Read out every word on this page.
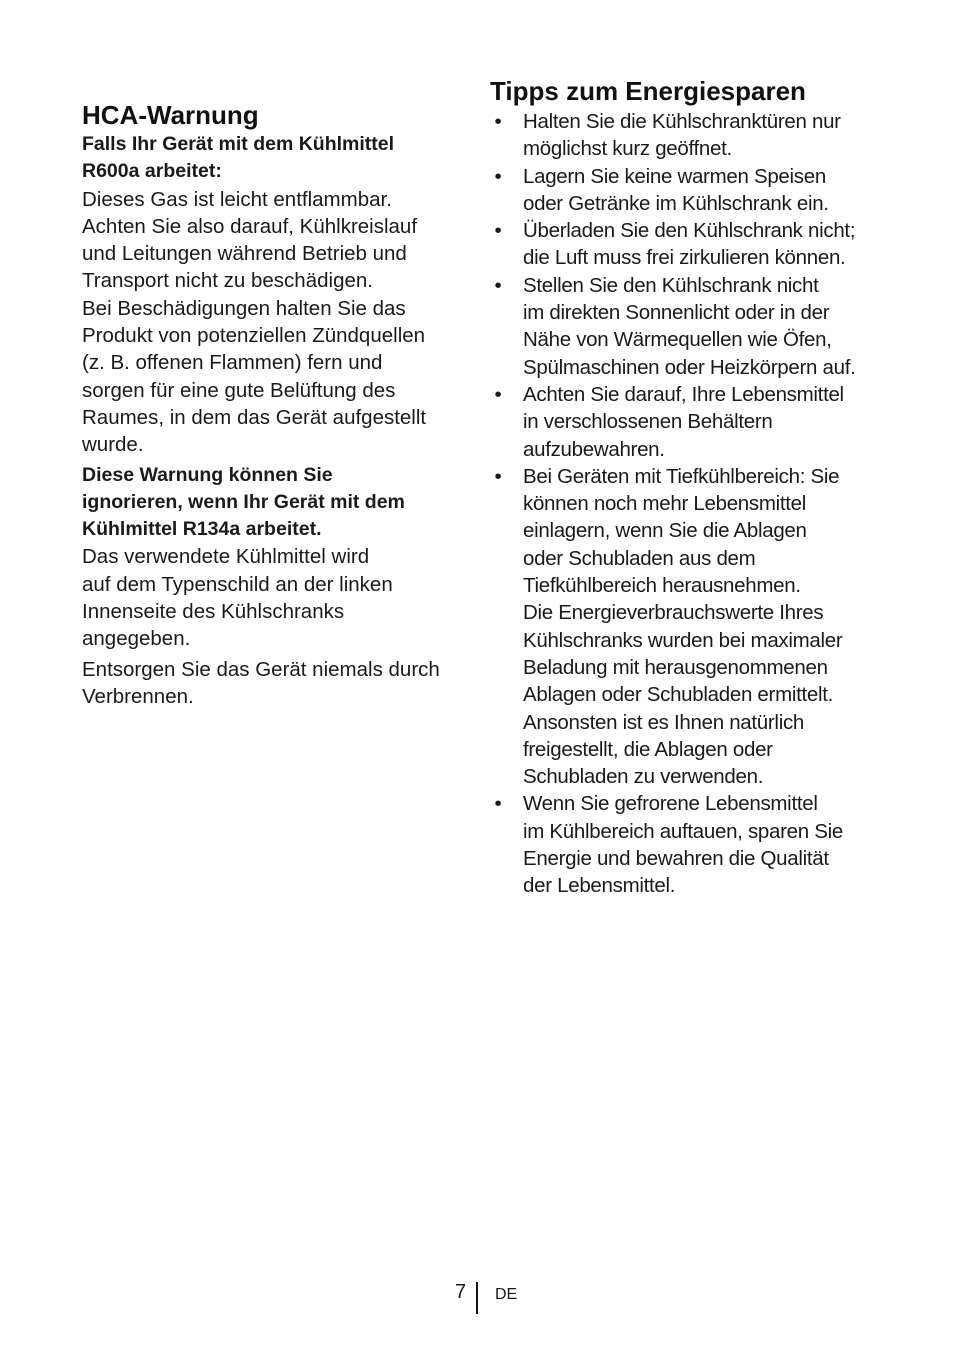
HCA-Warnung

Falls Ihr Gerät mit dem Kühlmittel
R600a arbeitet:

Dieses Gas ist leicht entflammbar.
Achten Sie also darauf, Kühlkreislauf
und Leitungen während Betrieb und
Transport nicht zu beschädigen.
Bei Beschädigungen halten Sie das
Produkt von potenziellen Zündquellen
(z. B. offenen Flammen) fern und
sorgen für eine gute Belüftung des
Raumes, in dem das Gerät aufgestellt
wurde.

Diese Warnung können Sie
ignorieren, wenn Ihr Gerät mit dem
Kühlmittel R134a arbeitet.

Das verwendete Kühlmittel wird
auf dem Typenschild an der linken
Innenseite des Kühlschranks
angegeben.

Entsorgen Sie das Gerät niemals durch
Verbrennen.

Tipps zum Energiesparen
• Halten Sie die Kühlschranktüren nur
möglichst kurz geöffnet.
• Lagern Sie keine warmen Speisen
oder Getränke im Kühlschrank ein.
• Überladen Sie den Kühlschrank nicht;
die Luft muss frei zirkulieren können.
• Stellen Sie den Kühlschrank nicht
im direkten Sonnenlicht oder in der
Nähe von Wärmequellen wie Öfen,
Spülmaschinen oder Heizkörpern auf.
• Achten Sie darauf, Ihre Lebensmittel
in verschlossenen Behältern
aufzubewahren.
• Bei Geräten mit Tiefkühlbereich: Sie
können noch mehr Lebensmittel
einlagern, wenn Sie die Ablagen
oder Schubladen aus dem
Tiefkühlbereich herausnehmen.
Die Energieverbrauchswerte Ihres
Kühlschranks wurden bei maximaler
Beladung mit herausgenommenen
Ablagen oder Schubladen ermittelt.
Ansonsten ist es Ihnen natürlich
freigestellt, die Ablagen oder
Schubladen zu verwenden.
• Wenn Sie gefrorene Lebensmittel
im Kühlbereich auftauen, sparen Sie
Energie und bewahren die Qualität
der Lebensmittel.
7 DE
